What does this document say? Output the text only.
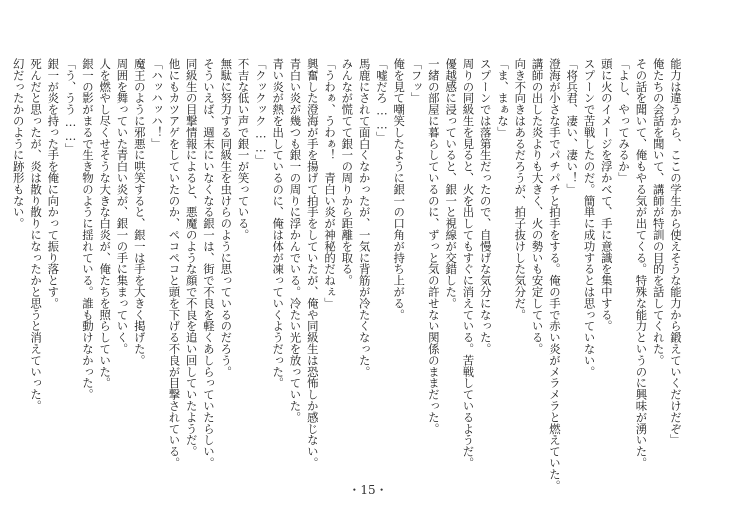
能力は違うから、ここの学生から使えそうな能力から鍛えていくだけだぞ」
俺たちの会話を聞いて、講師が特訓の目的を話してくれた。
その話を聞いて、俺もやる気が出てくる。特殊な能力というのに興味が湧いた。
「よし、やってみるか」
頭に火のイメージを浮かべて、手に意識を集中する。
スプーンで苦戦したのだ。簡単に成功するとは思っていない。
「将兵君、凄い、凄い！」
澄海が小さな手でパチパチと拍手をする。俺の手で赤い炎がメラメラと燃えていた。
講師の出した炎よりも大きく、火の勢いも安定している。
向き不向きはあるだろうが、拍子抜けした気分だ。
「ま、まぁな」
スプーンでは落第生だったので、自慢げな気分になった。
周りの同級生を見ると、火を出してもすぐに消えている。苦戦しているようだ。
優越感に浸っていると、銀一と視線が交錯した。
一緒の部屋に暮らしているのに、ずっと気の許せない関係のままだった。
「フッ」
俺を見て嘲笑したように銀一の口角が持ち上がる。
「嘘だろ……」
馬鹿にされて面白くなかったが、一気に背筋が冷たくなった。
みんなが慌てて銀一の周りから距離を取る。
「うわぁ、うわぁ！　青白い炎が神秘的だねぇ」
興奮した澄海が手を揚げて拍手をしていたが、俺や同級生は恐怖しか感じない。
青白い炎が幾つも銀一の周りに浮かんでいる。冷たい光を放っていた。
青い炎が熱を出しているのに、俺は体が凍っていくようだった。
「クックック……」
不吉な低い声で銀一が笑っている。
無駄に努力する同級生を虫けらのように思っているのだろう。
そういえば、週末にいなくなる銀一は、街で不良を軽くあしらっていたらしい。
同級生の目撃情報によると、悪魔のような顔で不良を追い回していたようだ。
他にもカツアゲをしていたのか、ペコペコと頭を下げる不良が目撃されている。
「ハッハッハ！」
魔王のように邪悪に哄笑すると、銀一は手を大きく掲げた。
周囲を舞っていた青白い炎が、銀一の手に集まっていく。
人を燃やし尽くせそうな大きな白炎が、俺たちを照らしていた。
銀一の影がまるで生き物のように揺れている。誰も動けなかった。
「う、うう……」
銀一が炎を持った手を俺に向かって振り落とす。
死んだと思ったが、炎は散り散りになったかと思うと消えていった。
幻だったかのように跡形もない。
・15・
